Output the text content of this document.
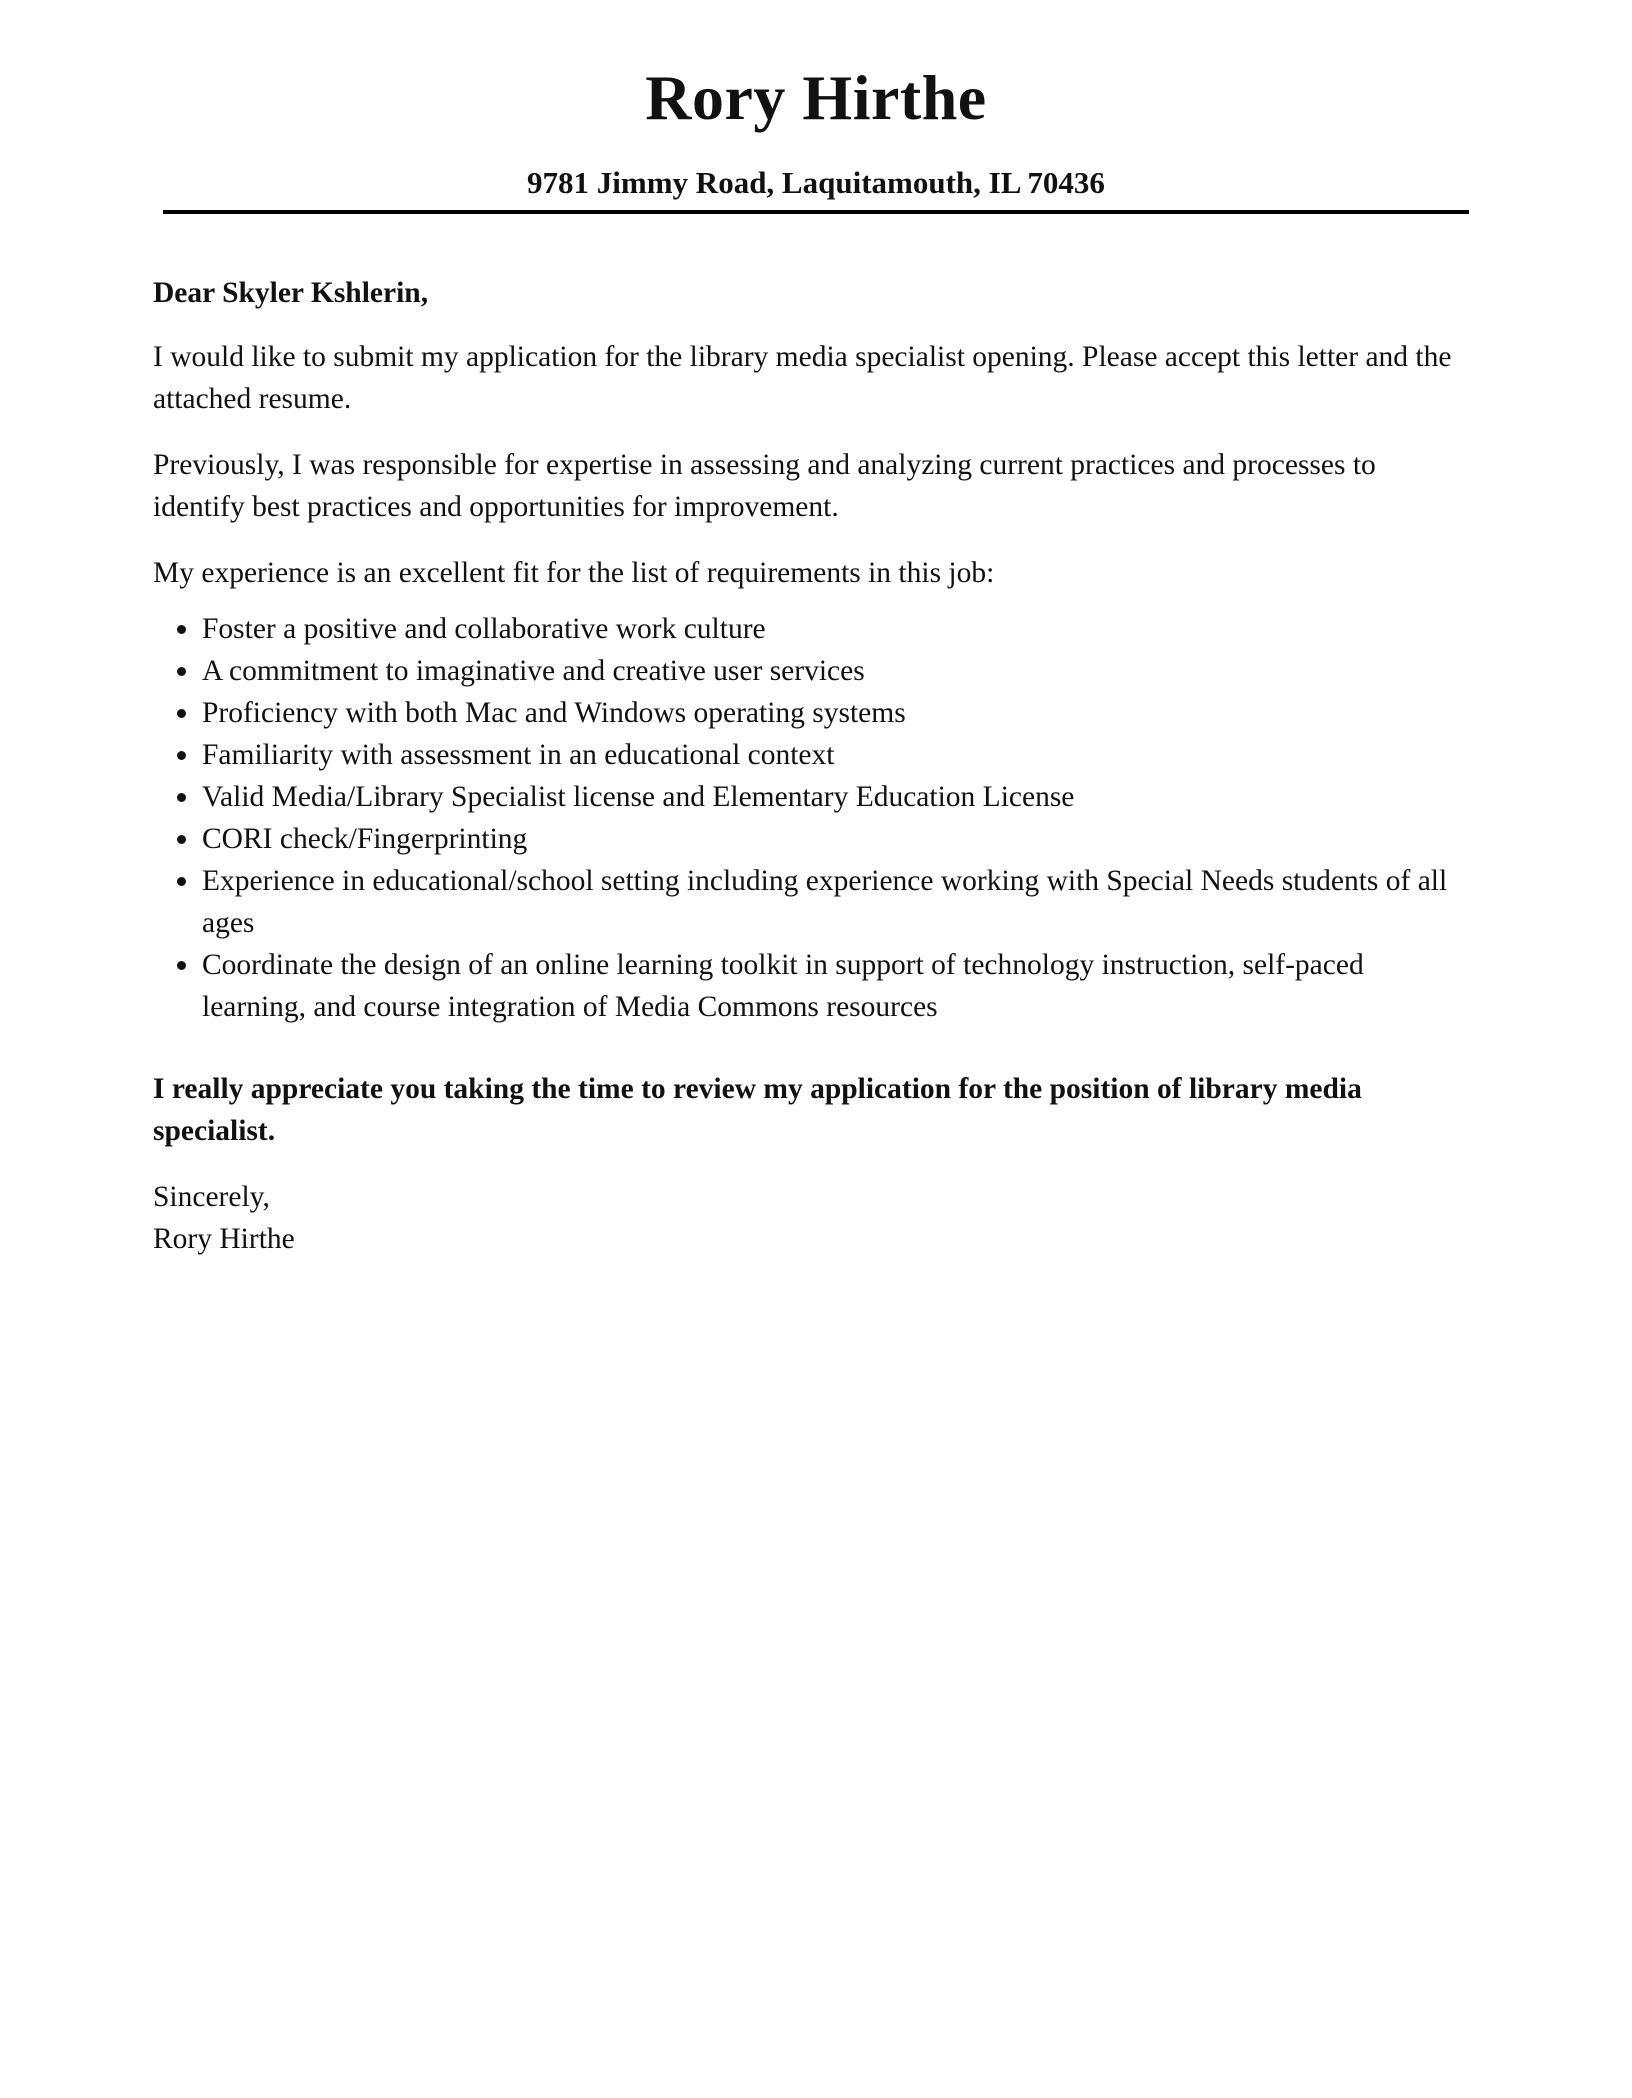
Rory Hirthe
9781 Jimmy Road, Laquitamouth, IL 70436

Dear Skyler Kshlerin,

I would like to submit my application for the library media specialist opening. Please accept this letter and the attached resume.

Previously, I was responsible for expertise in assessing and analyzing current practices and processes to identify best practices and opportunities for improvement.

My experience is an excellent fit for the list of requirements in this job:

Foster a positive and collaborative work culture
A commitment to imaginative and creative user services
Proficiency with both Mac and Windows operating systems
Familiarity with assessment in an educational context
Valid Media/Library Specialist license and Elementary Education License
CORI check/Fingerprinting
Experience in educational/school setting including experience working with Special Needs students of all ages
Coordinate the design of an online learning toolkit in support of technology instruction, self-paced learning, and course integration of Media Commons resources

I really appreciate you taking the time to review my application for the position of library media specialist.

Sincerely,

Rory Hirthe
